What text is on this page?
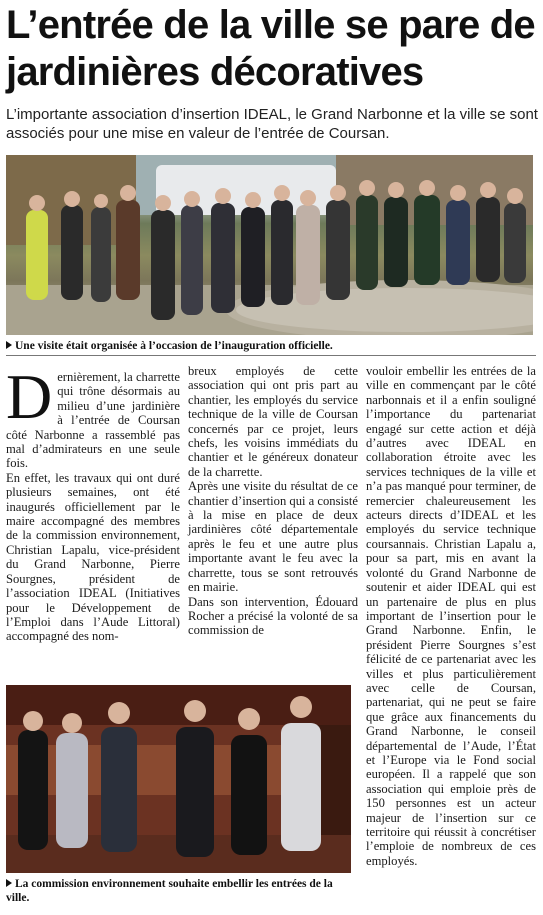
L’entrée de la ville se pare de jardinières décoratives

L’importante association d’insertion IDEAL, le Grand Narbonne et la ville se sont associés pour une mise en valeur de l’entrée de Coursan.

Une visite était organisée à l’occasion de l’inauguration officielle.

D ernièrement, la charrette qui trône désormais au milieu d’une jardinière à l’entrée de Coursan côté Narbonne a rassemblé pas mal d’admirateurs en une seule fois.

En effet, les travaux qui ont duré plusieurs semaines, ont été inaugurés officiellement par le maire accompagné des membres de la commission environnement, Christian Lapalu, vice-président du Grand Narbonne, Pierre Sourgnes, président de l’association IDEAL (Initiatives pour le Développement de l’Emploi dans l’Aude Littoral) accompagné des nom-

breux employés de cette association qui ont pris part au chantier, les employés du service technique de la ville de Coursan concernés par ce projet, leurs chefs, les voisins immédiats du chantier et le généreux donateur de la charrette.

Après une visite du résultat de ce chantier d’insertion qui a consisté à la mise en place de deux jardinières côté départementale après le feu et une autre plus importante avant le feu avec la charrette, tous se sont retrouvés en mairie.

Dans son intervention, Édouard Rocher a précisé la volonté de sa commission de

vouloir embellir les entrées de la ville en commençant par le côté narbonnais et il a enfin souligné l’importance du partenariat engagé sur cette action et déjà d’autres avec IDEAL en collaboration étroite avec les services techniques de la ville et n’a pas manqué pour terminer, de remercier chaleureusement les acteurs directs d’IDEAL et les employés du service technique coursannais. Christian Lapalu a, pour sa part, mis en avant la volonté du Grand Narbonne de soutenir et aider IDEAL qui est un partenaire de plus en plus important de l’insertion pour le Grand Narbonne. Enfin, le président Pierre Sourgnes s’est félicité de ce partenariat avec les villes et plus particulièrement avec celle de Coursan, partenariat, qui ne peut se faire que grâce aux financements du Grand Narbonne, le conseil départemental de l’Aude, l’État et l’Europe via le Fond social européen. Il a rappelé que son association qui emploie près de 150 personnes est un acteur majeur de l’insertion sur ce territoire qui réussit à concrétiser l’emploie de nombreux de ces employés.

La commission environnement souhaite embellir les entrées de la ville.
